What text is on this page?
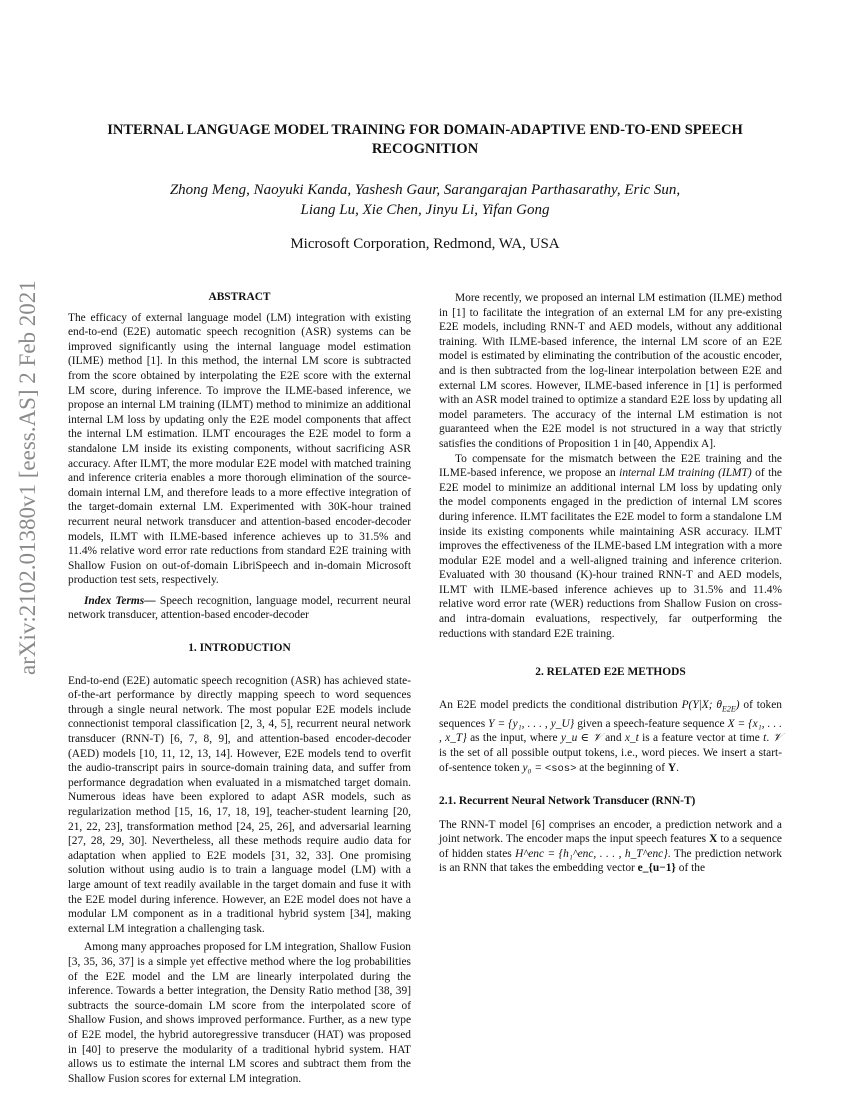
INTERNAL LANGUAGE MODEL TRAINING FOR DOMAIN-ADAPTIVE END-TO-END SPEECH RECOGNITION
Zhong Meng, Naoyuki Kanda, Yashesh Gaur, Sarangarajan Parthasarathy, Eric Sun,
Liang Lu, Xie Chen, Jinyu Li, Yifan Gong
Microsoft Corporation, Redmond, WA, USA
arXiv:2102.01380v1 [eess.AS] 2 Feb 2021	ABSTRACT

The efficacy of external language model (LM) integration with existing end-to-end (E2E) automatic speech recognition (ASR) systems can be improved significantly using the internal language model estimation (ILME) method [1]. In this method, the internal LM score is subtracted from the score obtained by interpolating the E2E score with the external LM score, during inference. To improve the ILME-based inference, we propose an internal LM training (ILMT) method to minimize an additional internal LM loss by updating only the E2E model components that affect the internal LM estimation. ILMT encourages the E2E model to form a standalone LM inside its existing components, without sacrificing ASR accuracy. After ILMT, the more modular E2E model with matched training and inference criteria enables a more thorough elimination of the source-domain internal LM, and therefore leads to a more effective integration of the target-domain external LM. Experimented with 30K-hour trained recurrent neural network transducer and attention-based encoder-decoder models, ILMT with ILME-based inference achieves up to 31.5% and 11.4% relative word error rate reductions from standard E2E training with Shallow Fusion on out-of-domain LibriSpeech and in-domain Microsoft production test sets, respectively.

Index Terms— Speech recognition, language model, recurrent neural network transducer, attention-based encoder-decoder

1. INTRODUCTION

End-to-end (E2E) automatic speech recognition (ASR) has achieved state-of-the-art performance by directly mapping speech to word sequences through a single neural network. The most popular E2E models include connectionist temporal classification [2, 3, 4, 5], recurrent neural network transducer (RNN-T) [6, 7, 8, 9], and attention-based encoder-decoder (AED) models [10, 11, 12, 13, 14]. However, E2E models tend to overfit the audio-transcript pairs in source-domain training data, and suffer from performance degradation when evaluated in a mismatched target domain. Numerous ideas have been explored to adapt ASR models, such as regularization method [15, 16, 17, 18, 19], teacher-student learning [20, 21, 22, 23], transformation method [24, 25, 26], and adversarial learning [27, 28, 29, 30]. Nevertheless, all these methods require audio data for adaptation when applied to E2E models [31, 32, 33]. One promising solution without using audio is to train a language model (LM) with a large amount of text readily available in the target domain and fuse it with the E2E model during inference. However, an E2E model does not have a modular LM component as in a traditional hybrid system [34], making external LM integration a challenging task.

Among many approaches proposed for LM integration, Shallow Fusion [3, 35, 36, 37] is a simple yet effective method where the log probabilities of the E2E model and the LM are linearly interpolated during the inference. Towards a better integration, the Density Ratio method [38, 39] subtracts the source-domain LM score from the interpolated score of Shallow Fusion, and shows improved performance. Further, as a new type of E2E model, the hybrid autoregressive transducer (HAT) was proposed in [40] to preserve the modularity of a traditional hybrid system. HAT allows us to estimate the internal LM scores and subtract them from the Shallow Fusion scores for external LM integration.

More recently, we proposed an internal LM estimation (ILME) method in [1] to facilitate the integration of an external LM for any pre-existing E2E models, including RNN-T and AED models, without any additional training. With ILME-based inference, the internal LM score of an E2E model is estimated by eliminating the contribution of the acoustic encoder, and is then subtracted from the log-linear interpolation between E2E and external LM scores. However, ILME-based inference in [1] is performed with an ASR model trained to optimize a standard E2E loss by updating all model parameters. The accuracy of the internal LM estimation is not guaranteed when the E2E model is not structured in a way that strictly satisfies the conditions of Proposition 1 in [40, Appendix A].

To compensate for the mismatch between the E2E training and the ILME-based inference, we propose an internal LM training (ILMT) of the E2E model to minimize an additional internal LM loss by updating only the model components engaged in the prediction of internal LM scores during inference. ILMT facilitates the E2E model to form a standalone LM inside its existing components while maintaining ASR accuracy. ILMT improves the effectiveness of the ILME-based LM integration with a more modular E2E model and a well-aligned training and inference criterion. Evaluated with 30 thousand (K)-hour trained RNN-T and AED models, ILMT with ILME-based inference achieves up to 31.5% and 11.4% relative word error rate (WER) reductions from Shallow Fusion on cross- and intra-domain evaluations, respectively, far outperforming the reductions with standard E2E training.

2. RELATED E2E METHODS

An E2E model predicts the conditional distribution P(Y|X; $\theta_{E2E}$) of token sequences Y = {y₁, . . . , y_U} given a speech-feature sequence X = {x₁, . . . , x_T} as the input, where y_u ∈ 𝒱 and x_t is a feature vector at time t. 𝒱 is the set of all possible output tokens, i.e., word pieces. We insert a start-of-sentence token y₀ = <sos> at the beginning of Y.

2.1. Recurrent Neural Network Transducer (RNN-T)

The RNN-T model [6] comprises an encoder, a prediction network and a joint network. The encoder maps the input speech features X to a sequence of hidden states H^enc = {h₁^enc, . . . , h_T^enc}. The prediction network is an RNN that takes the embedding vector e_{u−1} of the
